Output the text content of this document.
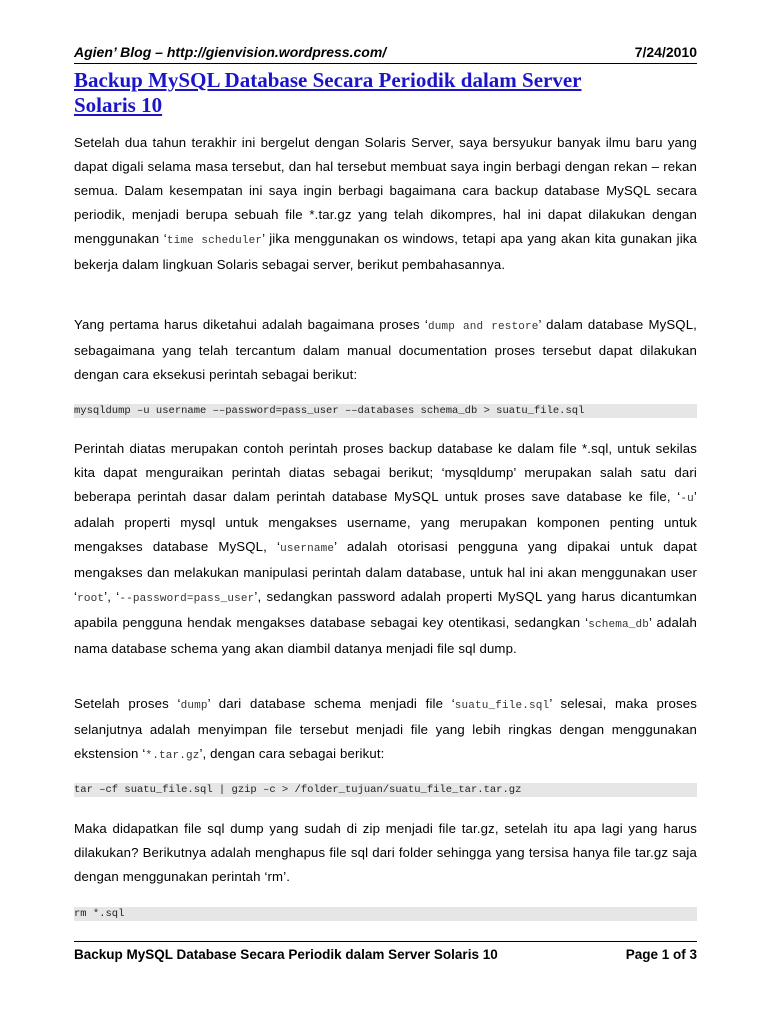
Agien’ Blog – http://gienvision.wordpress.com/	7/24/2010
Backup MySQL Database Secara Periodik dalam Server
Solaris 10

Setelah dua tahun terakhir ini bergelut dengan Solaris Server, saya bersyukur banyak ilmu baru yang dapat digali selama masa tersebut, dan hal tersebut membuat saya ingin berbagi dengan rekan – rekan semua. Dalam kesempatan ini saya ingin berbagi bagaimana cara backup database MySQL secara periodik, menjadi berupa sebuah file *.tar.gz yang telah dikompres, hal ini dapat dilakukan dengan menggunakan ‘time scheduler’ jika menggunakan os windows, tetapi apa yang akan kita gunakan jika bekerja dalam lingkuan Solaris sebagai server, berikut pembahasannya.

Yang pertama harus diketahui adalah bagaimana proses ‘dump and restore’ dalam database MySQL, sebagaimana yang telah tercantum dalam manual documentation proses tersebut dapat dilakukan dengan cara eksekusi perintah sebagai berikut:

mysqldump –u username ––password=pass_user ––databases schema_db > suatu_file.sql

Perintah diatas merupakan contoh perintah proses backup database ke dalam file *.sql, untuk sekilas kita dapat menguraikan perintah diatas sebagai berikut; ‘mysqldump’ merupakan salah satu dari beberapa perintah dasar dalam perintah database MySQL untuk proses save database ke file, ‘-u’ adalah properti mysql untuk mengakses username, yang merupakan komponen penting untuk mengakses database MySQL, ‘username’ adalah otorisasi pengguna yang dipakai untuk dapat mengakses dan melakukan manipulasi perintah dalam database, untuk hal ini akan menggunakan user ‘root’, ‘--password=pass_user’, sedangkan password adalah properti MySQL yang harus dicantumkan apabila pengguna hendak mengakses database sebagai key otentikasi, sedangkan ‘schema_db’ adalah nama database schema yang akan diambil datanya menjadi file sql dump.

Setelah proses ‘dump’ dari database schema menjadi file ‘suatu_file.sql’ selesai, maka proses selanjutnya adalah menyimpan file tersebut menjadi file yang lebih ringkas dengan menggunakan ekstension ‘*.tar.gz’, dengan cara sebagai berikut:

tar –cf suatu_file.sql | gzip –c > /folder_tujuan/suatu_file_tar.tar.gz

Maka didapatkan file sql dump yang sudah di zip menjadi file tar.gz, setelah itu apa lagi yang harus dilakukan? Berikutnya adalah menghapus file sql dari folder sehingga yang tersisa hanya file tar.gz saja dengan menggunakan perintah ‘rm’.

rm *.sql
Backup MySQL Database Secara Periodik dalam Server Solaris 10	Page 1 of 3
